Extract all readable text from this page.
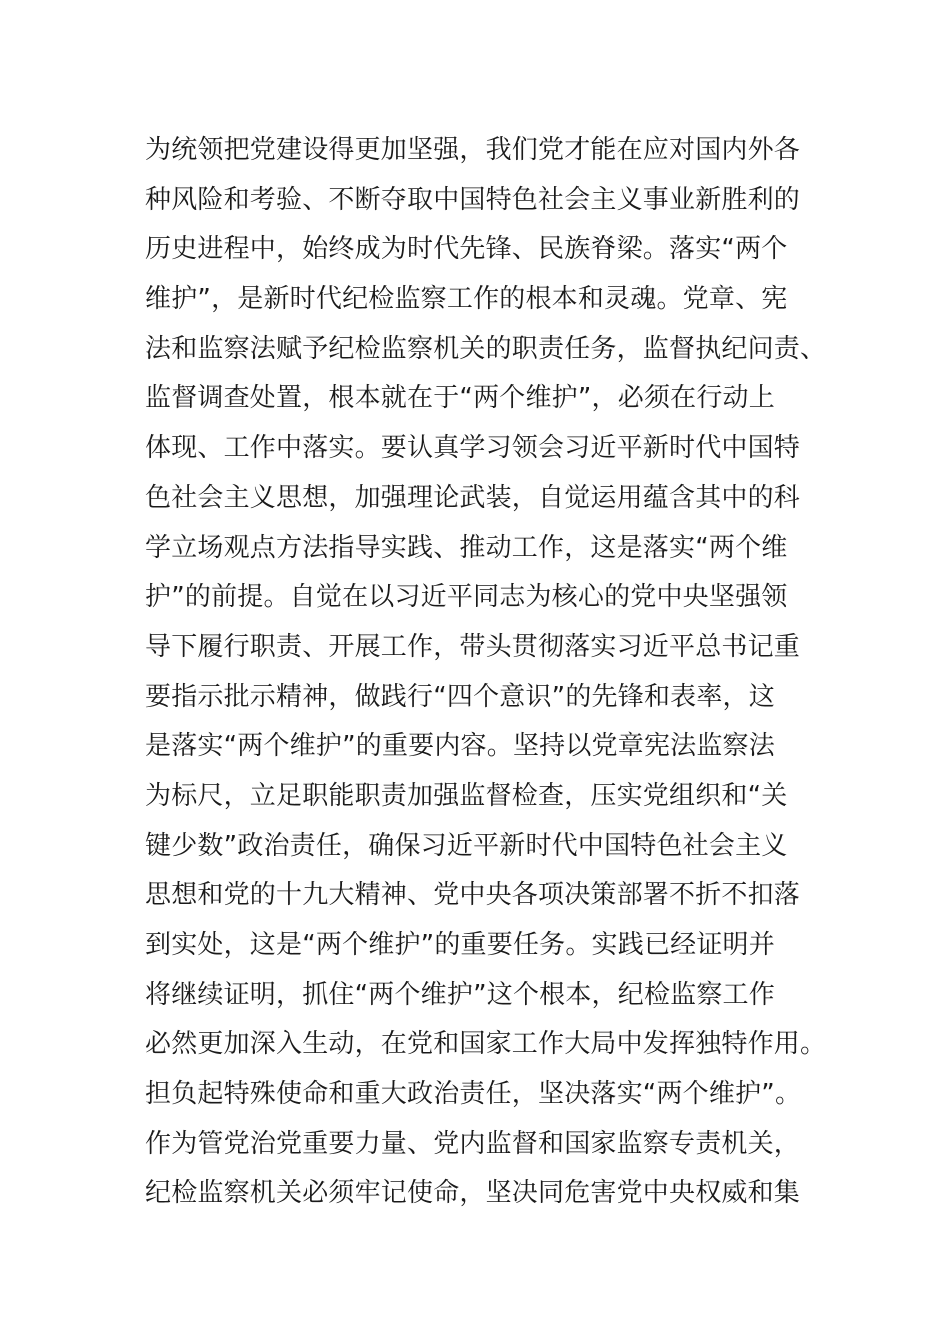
为统领把党建设得更加坚强，我们党才能在应对国内外各
种风险和考验、不断夺取中国特色社会主义事业新胜利的
历史进程中，始终成为时代先锋、民族脊梁。落实“两个
维护”，是新时代纪检监察工作的根本和灵魂。党章、宪
法和监察法赋予纪检监察机关的职责任务，监督执纪问责、
监督调查处置，根本就在于“两个维护”，必须在行动上
体现、工作中落实。要认真学习领会习近平新时代中国特
色社会主义思想，加强理论武装，自觉运用蕴含其中的科
学立场观点方法指导实践、推动工作，这是落实“两个维
护”的前提。自觉在以习近平同志为核心的党中央坚强领
导下履行职责、开展工作，带头贯彻落实习近平总书记重
要指示批示精神，做践行“四个意识”的先锋和表率，这
是落实“两个维护”的重要内容。坚持以党章宪法监察法
为标尺，立足职能职责加强监督检查，压实党组织和“关
键少数”政治责任，确保习近平新时代中国特色社会主义
思想和党的十九大精神、党中央各项决策部署不折不扣落
到实处，这是“两个维护”的重要任务。实践已经证明并
将继续证明，抓住“两个维护”这个根本，纪检监察工作
必然更加深入生动，在党和国家工作大局中发挥独特作用。
担负起特殊使命和重大政治责任，坚决落实“两个维护”。
作为管党治党重要力量、党内监督和国家监察专责机关，
纪检监察机关必须牢记使命，坚决同危害党中央权威和集
